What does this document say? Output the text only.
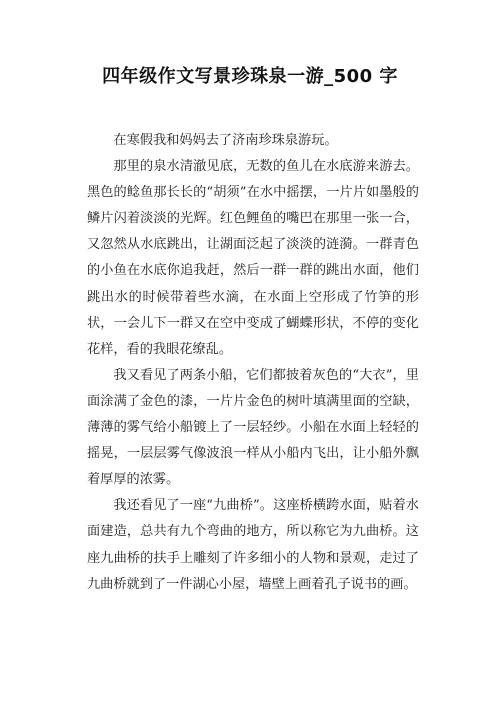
四年级作文写景珍珠泉一游_500 字

在寒假我和妈妈去了济南珍珠泉游玩。

那里的泉水清澈见底，无数的鱼儿在水底游来游去。黑色的鲶鱼那长长的“胡须”在水中摇摆，一片片如墨般的鳞片闪着淡淡的光辉。红色鲤鱼的嘴巴在那里一张一合，又忽然从水底跳出，让湖面泛起了淡淡的涟漪。一群青色的小鱼在水底你追我赶，然后一群一群的跳出水面，他们跳出水的时候带着些水滴，在水面上空形成了竹笋的形状，一会儿下一群又在空中变成了蝴蝶形状，不停的变化花样，看的我眼花缭乱。

我又看见了两条小船，它们都披着灰色的“大衣”，里面涂满了金色的漆，一片片金色的树叶填满里面的空缺，薄薄的雾气给小船镀上了一层轻纱。小船在水面上轻轻的摇晃，一层层雾气像波浪一样从小船内飞出，让小船外飘着厚厚的浓雾。

我还看见了一座“九曲桥”。这座桥横跨水面，贴着水面建造，总共有九个弯曲的地方，所以称它为九曲桥。这座九曲桥的扶手上雕刻了许多细小的人物和景观，走过了九曲桥就到了一件湖心小屋，墙壁上画着孔子说书的画。
